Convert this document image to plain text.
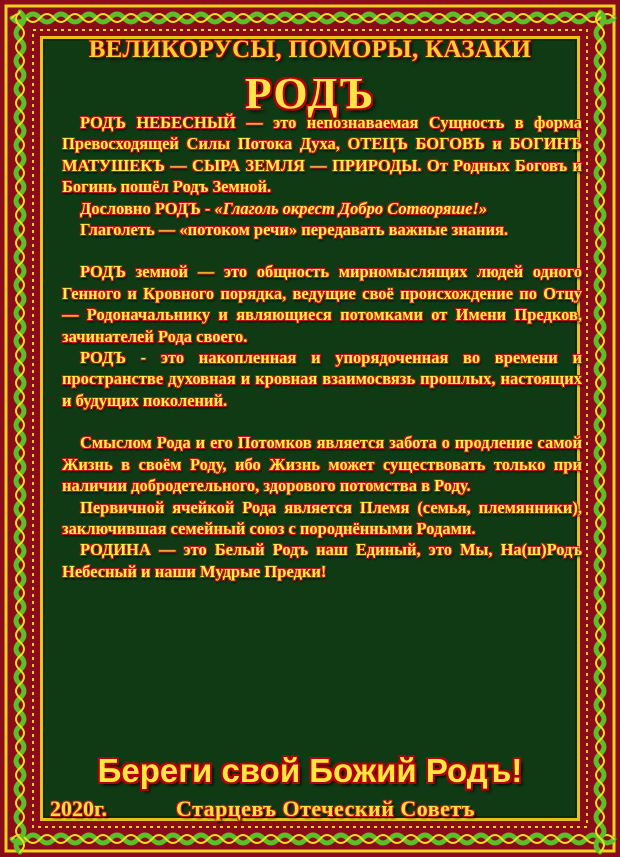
ВЕЛИКОРУСЫ, ПОМОРЫ, КАЗАКИ
РОДЪ

РОДЪ НЕБЕСНЫЙ — это непознаваемая Сущность в форма Превосходящей Силы Потока Духа, ОТЕЦЪ БОГОВЪ и БОГИНЪ МАТУШЕКЪ — СЫРА ЗЕМЛЯ — ПРИРОДЫ. От Родных Боговъ и Богинь пошёл Родъ Земной.

Дословно РОДЪ - «Глаголь окрест Добро Сотворяше!»

Глаголеть — «потоком речи» передавать важные знания.

РОДЪ земной — это общность мирномыслящих людей одного Генного и Кровного порядка, ведущие своё происхождение по Отцу — Родоначальнику и являющиеся потомками от Имени Предков, зачинателей Рода своего.

РОДЪ - это накопленная и упорядоченная во времени и пространстве духовная и кровная взаимосвязь прошлых, настоящих и будущих поколений.

Смыслом Рода и его Потомков является забота о продление самой Жизнь в своём Роду, ибо Жизнь может существовать только при наличии добродетельного, здорового потомства в Роду.

Первичной ячейкой Рода является Племя (семья, племянники), заключившая семейный союз с породнёнными Родами.

РОДИНА — это Белый Родъ наш Единый, это Мы, На(ш)Родъ Небесный и наши Мудрые Предки!

Береги свой Божий Родъ!
2020г.	Старцевъ Отеческий Советъ
